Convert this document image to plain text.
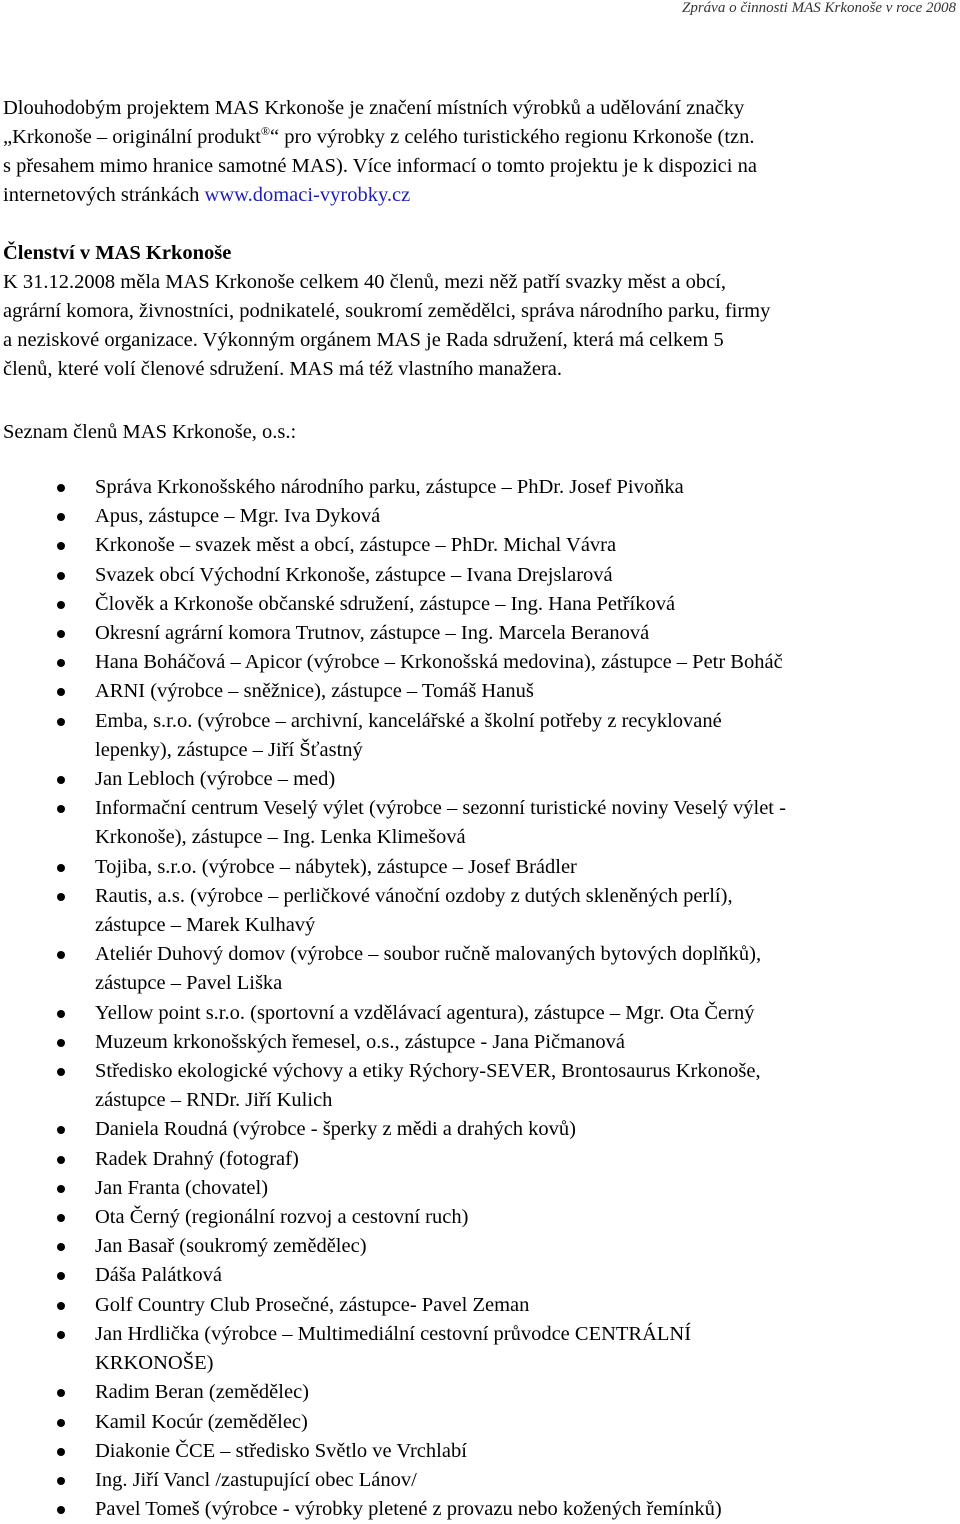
Zpráva o činnosti MAS Krkonoše v roce 2008

Dlouhodobým projektem MAS Krkonoše je značení místních výrobků a udělování značky
„Krkonoše – originální produkt®“ pro výrobky z celého turistického regionu Krkonoše (tzn.
s přesahem mimo hranice samotné MAS). Více informací o tomto projektu je k dispozici na
internetových stránkách www.domaci-vyrobky.cz

Členství v MAS Krkonoše

K 31.12.2008 měla MAS Krkonoše celkem 40 členů, mezi něž patří svazky měst a obcí,
agrární komora, živnostníci, podnikatelé, soukromí zemědělci, správa národního parku, firmy
a neziskové organizace. Výkonným orgánem MAS je Rada sdružení, která má celkem 5
členů, které volí členové sdružení. MAS má též vlastního manažera.

Seznam členů MAS Krkonoše, o.s.:

Správa Krkonošského národního parku, zástupce – PhDr. Josef Pivoňka
Apus, zástupce – Mgr. Iva Dyková
Krkonoše – svazek měst a obcí, zástupce – PhDr. Michal Vávra
Svazek obcí Východní Krkonoše, zástupce – Ivana Drejslarová
Člověk a Krkonoše občanské sdružení, zástupce – Ing. Hana Petříková
Okresní agrární komora Trutnov, zástupce – Ing. Marcela Beranová
Hana Boháčová – Apicor (výrobce – Krkonošská medovina), zástupce – Petr Boháč
ARNI (výrobce – sněžnice), zástupce – Tomáš Hanuš
Emba, s.r.o. (výrobce – archivní, kancelářské a školní potřeby z recyklované
lepenky), zástupce – Jiří Šťastný
Jan Lebloch (výrobce – med)
Informační centrum Veselý výlet (výrobce – sezonní turistické noviny Veselý výlet -
Krkonoše), zástupce – Ing. Lenka Klimešová
Tojiba, s.r.o. (výrobce – nábytek), zástupce – Josef Brádler
Rautis, a.s. (výrobce – perličkové vánoční ozdoby z dutých skleněných perlí),
zástupce – Marek Kulhavý
Ateliér Duhový domov (výrobce – soubor ručně malovaných bytových doplňků),
zástupce – Pavel Liška
Yellow point s.r.o. (sportovní a vzdělávací agentura), zástupce – Mgr. Ota Černý
Muzeum krkonošských řemesel, o.s., zástupce - Jana Pičmanová
Středisko ekologické výchovy a etiky Rýchory-SEVER, Brontosaurus Krkonoše,
zástupce – RNDr. Jiří Kulich
Daniela Roudná (výrobce - šperky z mědi a drahých kovů)
Radek Drahný (fotograf)
Jan Franta (chovatel)
Ota Černý (regionální rozvoj a cestovní ruch)
Jan Basař (soukromý zemědělec)
Dáša Palátková
Golf Country Club Prosečné, zástupce- Pavel Zeman
Jan Hrdlička (výrobce – Multimediální cestovní průvodce CENTRÁLNÍ
KRKONOŠE)
Radim Beran (zemědělec)
Kamil Kocúr (zemědělec)
Diakonie ČCE – středisko Světlo ve Vrchlabí
Ing. Jiří Vancl /zastupující obec Lánov/
Pavel Tomeš (výrobce - výrobky pletené z provazu nebo kožených řemínků)
